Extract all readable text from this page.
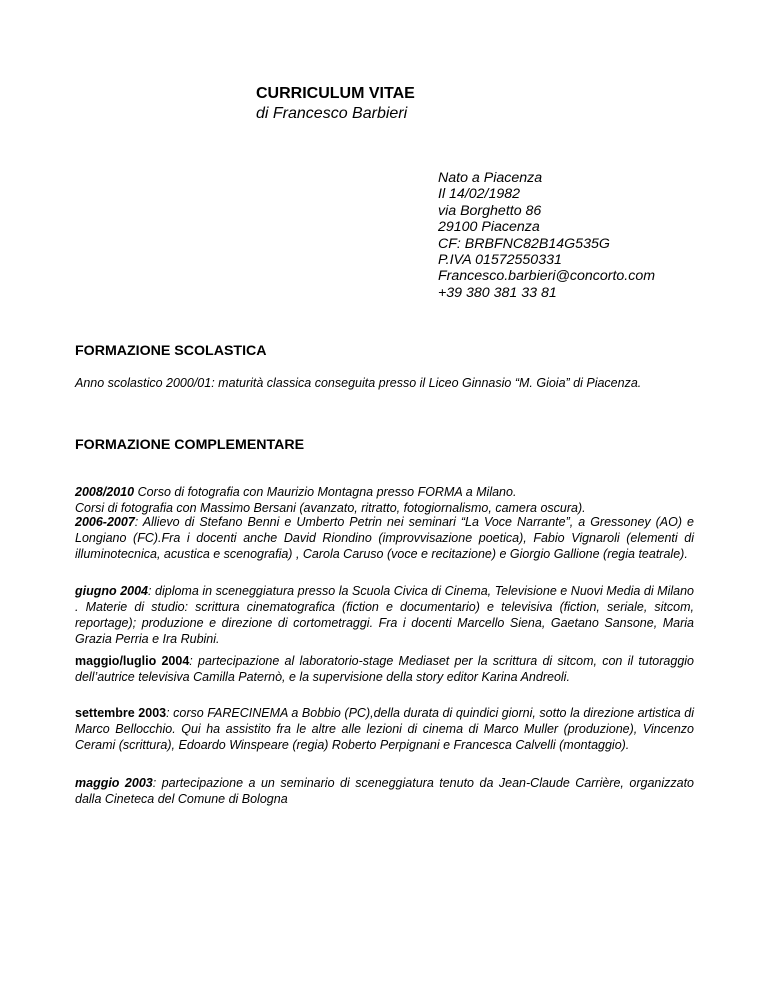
CURRICULUM VITAE

di Francesco Barbieri

Nato a Piacenza
Il 14/02/1982
via Borghetto 86
29100 Piacenza
CF: BRBFNC82B14G535G
P.IVA 01572550331
Francesco.barbieri@concorto.com
+39 380 381 33 81

FORMAZIONE SCOLASTICA

Anno scolastico 2000/01: maturità classica conseguita presso il Liceo Ginnasio “M. Gioia” di Piacenza.

FORMAZIONE COMPLEMENTARE

2008/2010 Corso di fotografia con Maurizio Montagna presso FORMA a Milano.
Corsi di fotografia con Massimo Bersani (avanzato, ritratto, fotogiornalismo, camera oscura).

2006-2007: Allievo di Stefano Benni e Umberto Petrin nei seminari “La Voce Narrante”, a Gressoney (AO) e Longiano (FC).Fra i docenti anche David Riondino (improvvisazione poetica), Fabio Vignaroli (elementi di illuminotecnica, acustica e scenografia) , Carola Caruso (voce e recitazione) e Giorgio Gallione (regia teatrale).
giugno 2004: diploma in sceneggiatura presso la Scuola Civica di Cinema, Televisione e Nuovi Media di Milano . Materie di studio: scrittura cinematografica (fiction e documentario) e televisiva (fiction, seriale, sitcom, reportage); produzione e direzione di cortometraggi. Fra i docenti Marcello Siena, Gaetano Sansone, Maria Grazia Perria e Ira Rubini.
maggio/luglio 2004: partecipazione al laboratorio-stage Mediaset per la scrittura di sitcom, con il tutoraggio dell’autrice televisiva Camilla Paternò, e la supervisione della story editor Karina Andreoli.
settembre 2003: corso FARECINEMA a Bobbio (PC),della durata di quindici giorni, sotto la direzione artistica di Marco Bellocchio. Qui ha assistito fra le altre alle lezioni di cinema di Marco Muller (produzione), Vincenzo Cerami (scrittura), Edoardo Winspeare (regia) Roberto Perpignani e Francesca Calvelli (montaggio).
maggio 2003: partecipazione a un seminario di sceneggiatura tenuto da Jean-Claude Carrière, organizzato dalla Cineteca del Comune di Bologna
